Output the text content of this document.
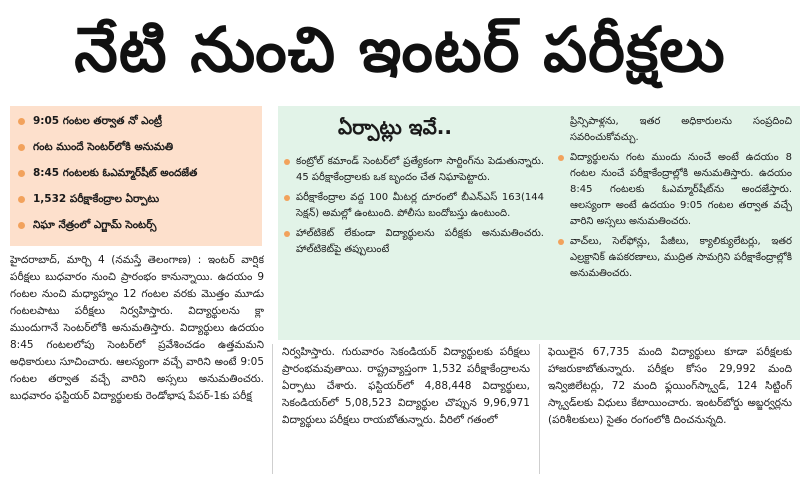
నేటి నుంచి ఇంటర్ పరీక్షలు
9:05 గంటల తర్వాత నో ఎంట్రీ
గంట ముందే సెంటర్‌లోకి అనుమతి
8:45 గంటలకు ఓఎమ్మార్‌షీట్ అందజేత
1,532 పరీక్షాకేంద్రాల ఏర్పాటు
నిఘా నేత్రంలో ఎగ్జామ్ సెంటర్స్
ఏర్పాట్లు ఇవే..
కంట్రోల్ కమాండ్ సెంటర్‌లో ప్రత్యేకంగా సార్టింగ్‌ను పెడుతున్నారు. 45 పరీక్షాకేంద్రాలకు ఒక బృందం చేత నిఘాపెట్టారు.
పరీక్షాకేంద్రాల వద్ద 100 మీటర్ల దూరంలో బీఎన్‌ఎస్ 163(144 సెక్షన్) అమల్లో ఉంటుంది. పోలీసు బందోబస్తు ఉంటుంది.
హాల్‌టికెట్ లేకుండా విద్యార్థులను పరీక్షకు అనుమతించరు. హాల్‌టికెట్‌పై తప్పులుంటే
ప్రిన్సిపాళ్లను, ఇతర అధికారులను సంప్రదించి సవరించుకోవచ్చు.
విద్యార్థులను గంట ముందు నుంచే అంటే ఉదయం 8 గంటల నుంచే పరీక్షాకేంద్రాల్లోకి అనుమతిస్తారు. ఉదయం 8:45 గంటలకు ఓఎమ్మార్‌షీట్‌ను అందజేస్తారు. ఆలస్యంగా అంటే ఉదయం 9:05 గంటల తర్వాత వచ్చే వారిని అస్సలు అనుమతించరు.
వాచ్‌లు, సెల్‌ఫోన్లు, పేజీలు, క్యాలిక్యులేటర్లు, ఇతర ఎల్రక్టానిక్ ఉపకరణాలు, ముద్రిత సామగ్రిని పరీక్షాకేంద్రాల్లోకి అనుమతించరు.
హైదరాబాద్, మార్చి 4 (నమస్తే తెలంగాణ) : ఇంటర్ వార్షిక పరీక్షలు బుధవారం నుంచి ప్రారంభం కానున్నాయి. ఉదయం 9 గంటల నుంచి మధ్యాహ్నం 12 గంటల వరకు మొత్తం మూడు గంటలపాటు పరీక్షలు నిర్వహిస్తారు. విద్యార్థులను క్లా ముందుగానే సెంటర్‌లోకి అనుమతిస్తారు. విద్యార్థులు ఉదయం 8:45 గంటలలోపు సెంటర్‌లో ప్రవేశించడం ఉత్తమమని అధికారులు సూచించారు. ఆలస్యంగా వచ్చే వారిని అంటే 9:05 గంటల తర్వాత వచ్చే వారిని అస్సలు అనుమతించరు. బుధవారం ఫస్టియర్ విద్యార్థులకు రెండోభాష పేపర్-1కు పరీక్ష
నిర్వహిస్తారు. గురువారం సెకండియర్ విద్యార్థులకు పరీక్షలు ప్రారంభమవుతాయి. రాష్ట్రవ్యాప్తంగా 1,532 పరీక్షాకేంద్రాలను ఏర్పాటు చేశారు. ఫస్టియర్‌లో 4,88,448 విద్యార్థులు, సెకండియర్‌లో 5,08,523 విద్యార్థుల చొప్పున 9,96,971 విద్యార్థులు పరీక్షలు రాయబోతున్నారు. వీరిలో గతంలో
ఫెయిలైన 67,735 మంది విద్యార్థులు కూడా పరీక్షలకు హాజరుకాబోతున్నారు. పరీక్షల కోసం 29,992 మంది ఇన్విజిలేటర్లు, 72 మంది ఫ్లయింగ్‌స్క్వాడ్, 124 సిట్టింగ్ స్క్వాడ్‌లకు విధులు కేటాయించారు. ఇంటర్‌బోర్డు అబ్జర్వర్లను (పరిశీలకులు) సైతం రంగంలోకి దించనున్నది.
